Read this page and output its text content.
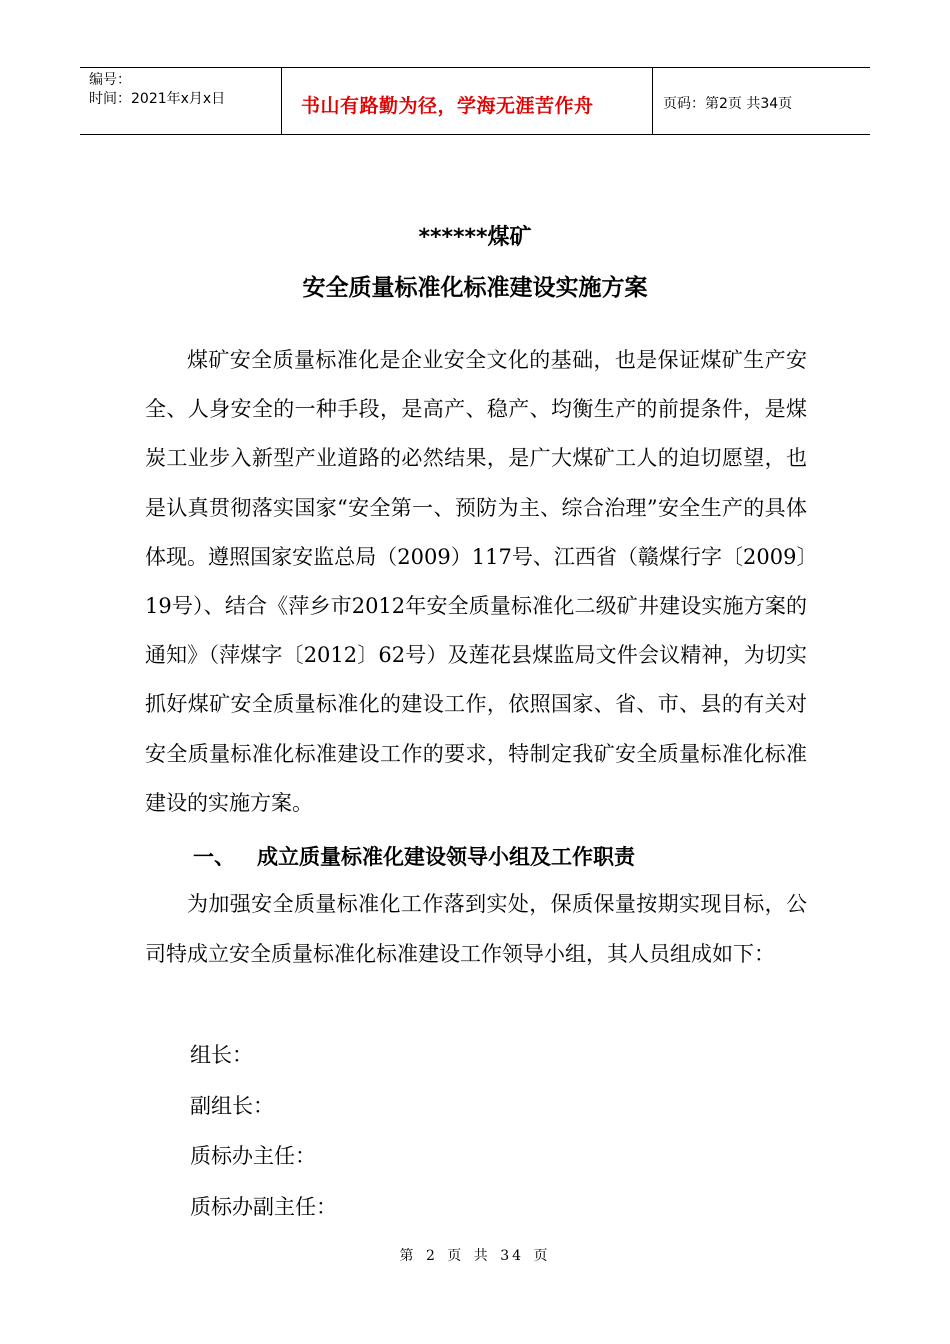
编号：
时间：2021年x月x日	书山有路勤为径，学海无涯苦作舟	页码：第2页 共34页
******煤矿
安全质量标准化标准建设实施方案

煤矿安全质量标准化是企业安全文化的基础，也是保证煤矿生产安全、人身安全的一种手段，是高产、稳产、均衡生产的前提条件，是煤炭工业步入新型产业道路的必然结果，是广大煤矿工人的迫切愿望，也是认真贯彻落实国家“安全第一、预防为主、综合治理”安全生产的具体体现。遵照国家安监总局（2009）117号、江西省（赣煤行字〔2009〕19号）、结合《萍乡市2012年安全质量标准化二级矿井建设实施方案的通知》（萍煤字〔2012〕62号）及莲花县煤监局文件会议精神，为切实抓好煤矿安全质量标准化的建设工作，依照国家、省、市、县的有关对安全质量标准化标准建设工作的要求，特制定我矿安全质量标准化标准建设的实施方案。

一、 成立质量标准化建设领导小组及工作职责

为加强安全质量标准化工作落到实处，保质保量按期实现目标，公司特成立安全质量标准化标准建设工作领导小组，其人员组成如下：

组长：
副组长：
质标办主任：
质标办副主任：
第 2 页 共 34 页
